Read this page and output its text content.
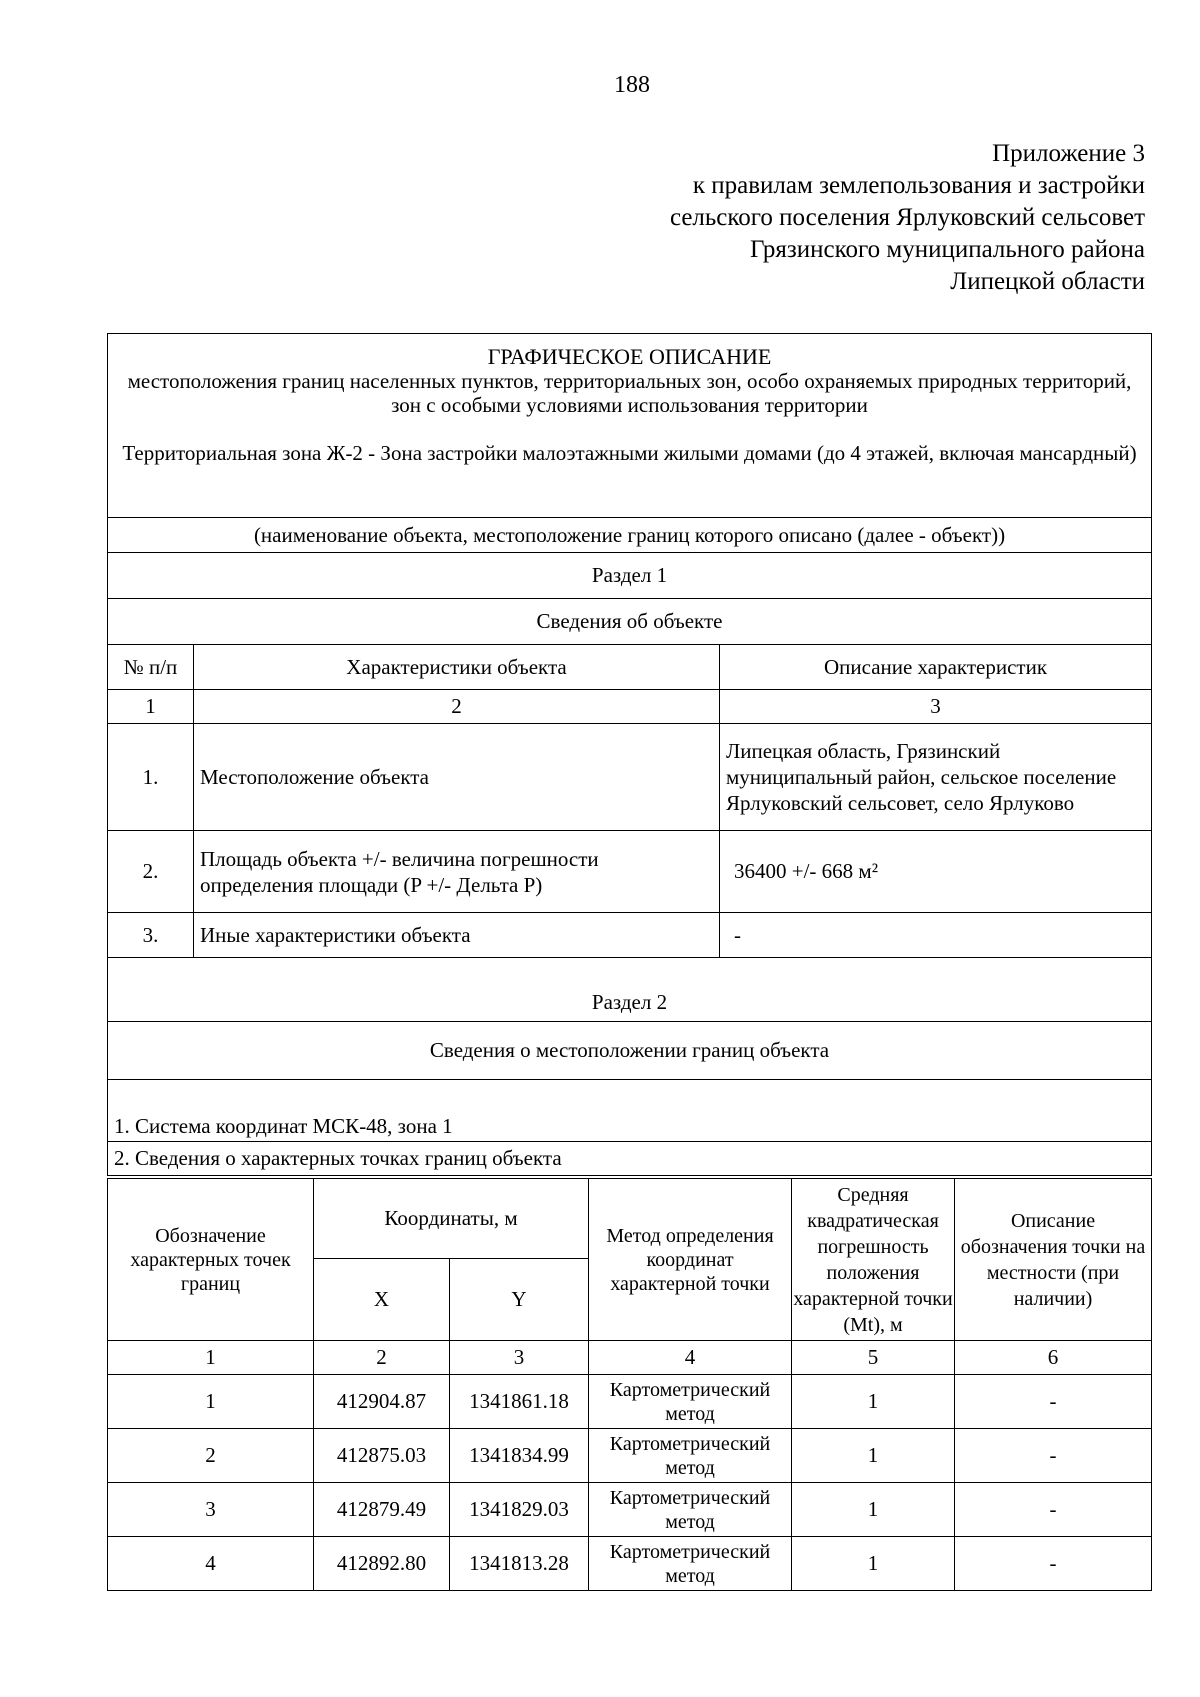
188
Приложение 3
к правилам землепользования и застройки
сельского поселения Ярлуковский сельсовет
Грязинского муниципального района
Липецкой области
ГРАФИЧЕСКОЕ ОПИСАНИЕ
местоположения границ населенных пунктов, территориальных зон, особо охраняемых природных территорий, зон с особыми условиями использования территории
Территориальная зона Ж-2 - Зона застройки малоэтажными жилыми домами (до 4 этажей, включая мансардный)		

(наименование объекта, местоположение границ которого описано (далее - объект))		
Раздел 1		
Сведения об объекте		
№ п/п	Характеристики объекта	Описание характеристик
1	2	3
1.	Местоположение объекта	Липецкая область, Грязинский муниципальный район, сельское поселение Ярлуковский сельсовет, село Ярлуково
2.	Площадь объекта +/- величина погрешности определения площади (P +/- Дельта P)	36400 +/- 668 м²
3.	Иные характеристики объекта	-
Раздел 2		
Сведения о местоположении границ объекта		
1. Система координат МСК-48, зона 1		
2. Сведения о характерных точках границ объекта		
Обозначение характерных точек границ	Координаты, м		Метод определения координат характерной точки	Средняя квадратическая погрешность положения характерной точки (Mt), м	Описание обозначения точки на местности (при наличии)
	X	Y			
1	2	3	4	5	6
1	412904.87	1341861.18	Картометрический метод	1	-
2	412875.03	1341834.99	Картометрический метод	1	-
3	412879.49	1341829.03	Картометрический метод	1	-
4	412892.80	1341813.28	Картометрический метод	1	-
